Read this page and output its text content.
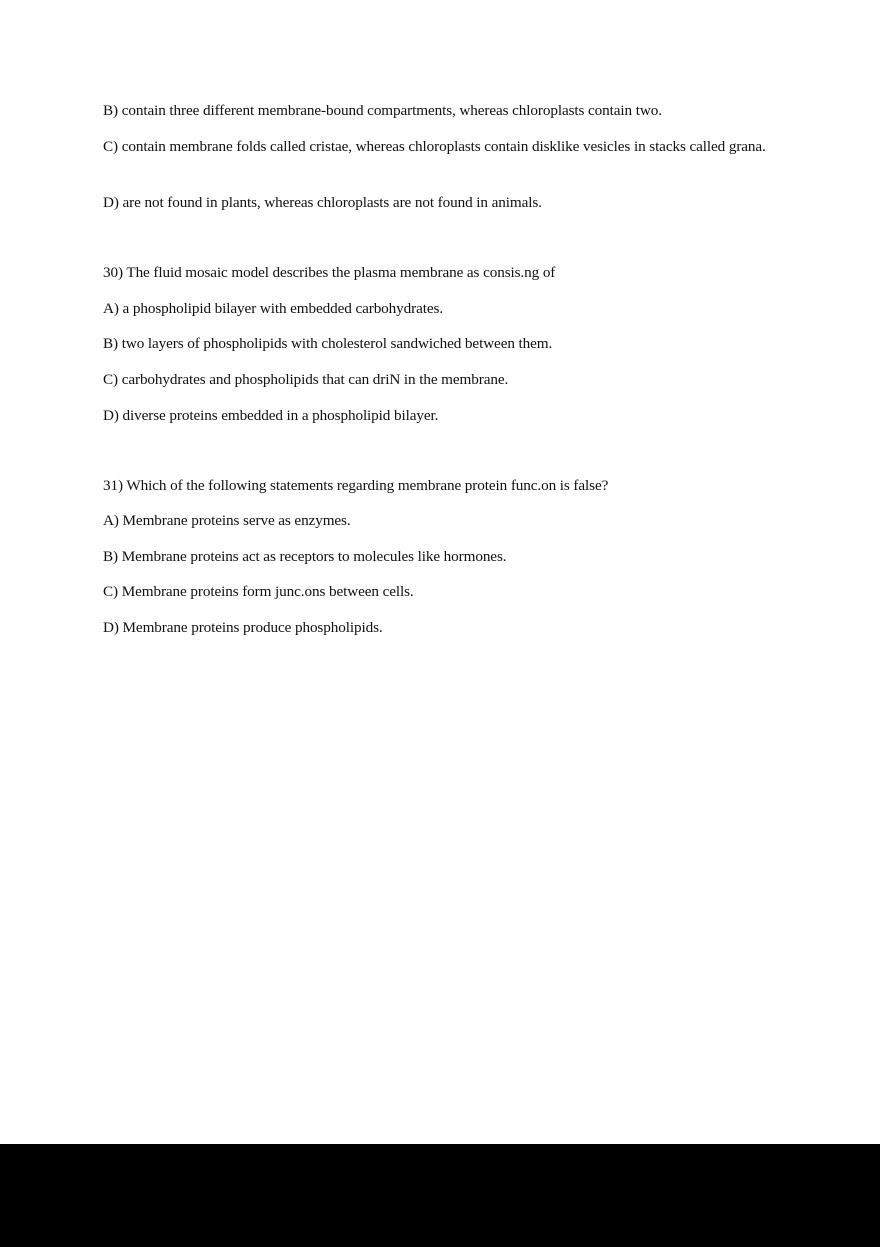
B) contain three different membrane-bound compartments, whereas chloroplasts contain two.
C) contain membrane folds called cristae, whereas chloroplasts contain disklike vesicles in stacks called grana.
D) are not found in plants, whereas chloroplasts are not found in animals.
30) The fluid mosaic model describes the plasma membrane as consis.ng of
A) a phospholipid bilayer with embedded carbohydrates.
B) two layers of phospholipids with cholesterol sandwiched between them.
C) carbohydrates and phospholipids that can driN in the membrane.
D) diverse proteins embedded in a phospholipid bilayer.
31) Which of the following statements regarding membrane protein func.on is false?
A) Membrane proteins serve as enzymes.
B) Membrane proteins act as receptors to molecules like hormones.
C) Membrane proteins form junc.ons between cells.
D) Membrane proteins produce phospholipids.
